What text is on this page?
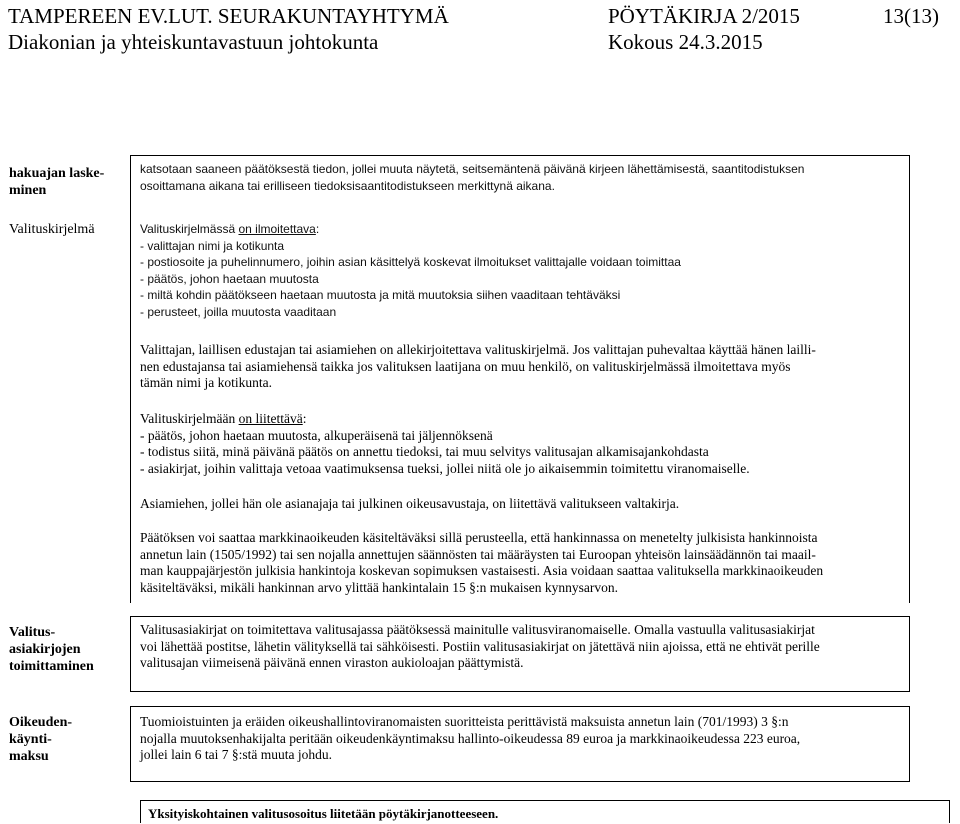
TAMPEREEN EV.LUT. SEURAKUNTAYHTYMÄ	PÖYTÄKIRJA 2/2015	13(13)
Diakonian ja yhteiskuntavastuun johtokunta	Kokous 24.3.2015
hakuajan laske-
minen
katsotaan saaneen päätöksestä tiedon, jollei muuta näytetä, seitsemäntenä päivänä kirjeen lähettämisestä, saantitodistuksen
osoittamana aikana tai erilliseen tiedoksisaantitodistukseen merkittynä aikana.
Valituskirjelmä	Valituskirjelmässä on ilmoitettava:
- valittajan nimi ja kotikunta
- postiosoite ja puhelinnumero, joihin asian käsittelyä koskevat ilmoitukset valittajalle voidaan toimittaa
- päätös, johon haetaan muutosta
- miltä kohdin päätökseen haetaan muutosta ja mitä muutoksia siihen vaaditaan tehtäväksi
- perusteet, joilla muutosta vaaditaan
Valittajan, laillisen edustajan tai asiamiehen on allekirjoitettava valituskirjelmä. Jos valittajan puhevaltaa käyttää hänen lailli-
nen edustajansa tai asiamiehensä taikka jos valituksen laatijana on muu henkilö, on valituskirjelmässä ilmoitettava myös
tämän nimi ja kotikunta.
Valituskirjelmään on liitettävä:
- päätös, johon haetaan muutosta, alkuperäisenä tai jäljennöksenä
- todistus siitä, minä päivänä päätös on annettu tiedoksi, tai muu selvitys valitusajan alkamisajankohdasta
- asiakirjat, joihin valittaja vetoaa vaatimuksensa tueksi, jollei niitä ole jo aikaisemmin toimitettu viranomaiselle.
Asiamiehen, jollei hän ole asianajaja tai julkinen oikeusavustaja, on liitettävä valitukseen valtakirja.
Päätöksen voi saattaa markkinaoikeuden käsiteltäväksi sillä perusteella, että hankinnassa on menetelty julkisista hankinnoista
annetun lain (1505/1992) tai sen nojalla annettujen säännösten tai määräysten tai Euroopan yhteisön lainsäädännön tai maail-
man kauppajärjestön julkisia hankintoja koskevan sopimuksen vastaisesti. Asia voidaan saattaa valituksella markkinaoikeuden
käsiteltäväksi, mikäli hankinnan arvo ylittää hankintalain 15 §:n mukaisen kynnysarvon.
Valitus-
asiakirjojen
toimittaminen
Valitusasiakirjat on toimitettava valitusajassa päätöksessä mainitulle valitusviranomaiselle. Omalla vastuulla valitusasiakirjat
voi lähettää postitse, lähetin välityksellä tai sähköisesti. Postiin valitusasiakirjat on jätettävä niin ajoissa, että ne ehtivät perille
valitusajan viimeisenä päivänä ennen viraston aukioloajan päättymistä.
Oikeuden-
käynti-
maksu
Tuomioistuinten ja eräiden oikeushallintoviranomaisten suoritteista perittävistä maksuista annetun lain (701/1993) 3 §:n
nojalla muutoksenhakijalta peritään oikeudenkäyntimaksu hallinto-oikeudessa 89 euroa ja markkinaoikeudessa 223 euroa,
jollei lain 6 tai 7 §:stä muuta johdu.
Yksityiskohtainen valitusosoitus liitetään pöytäkirjanotteeseen.
